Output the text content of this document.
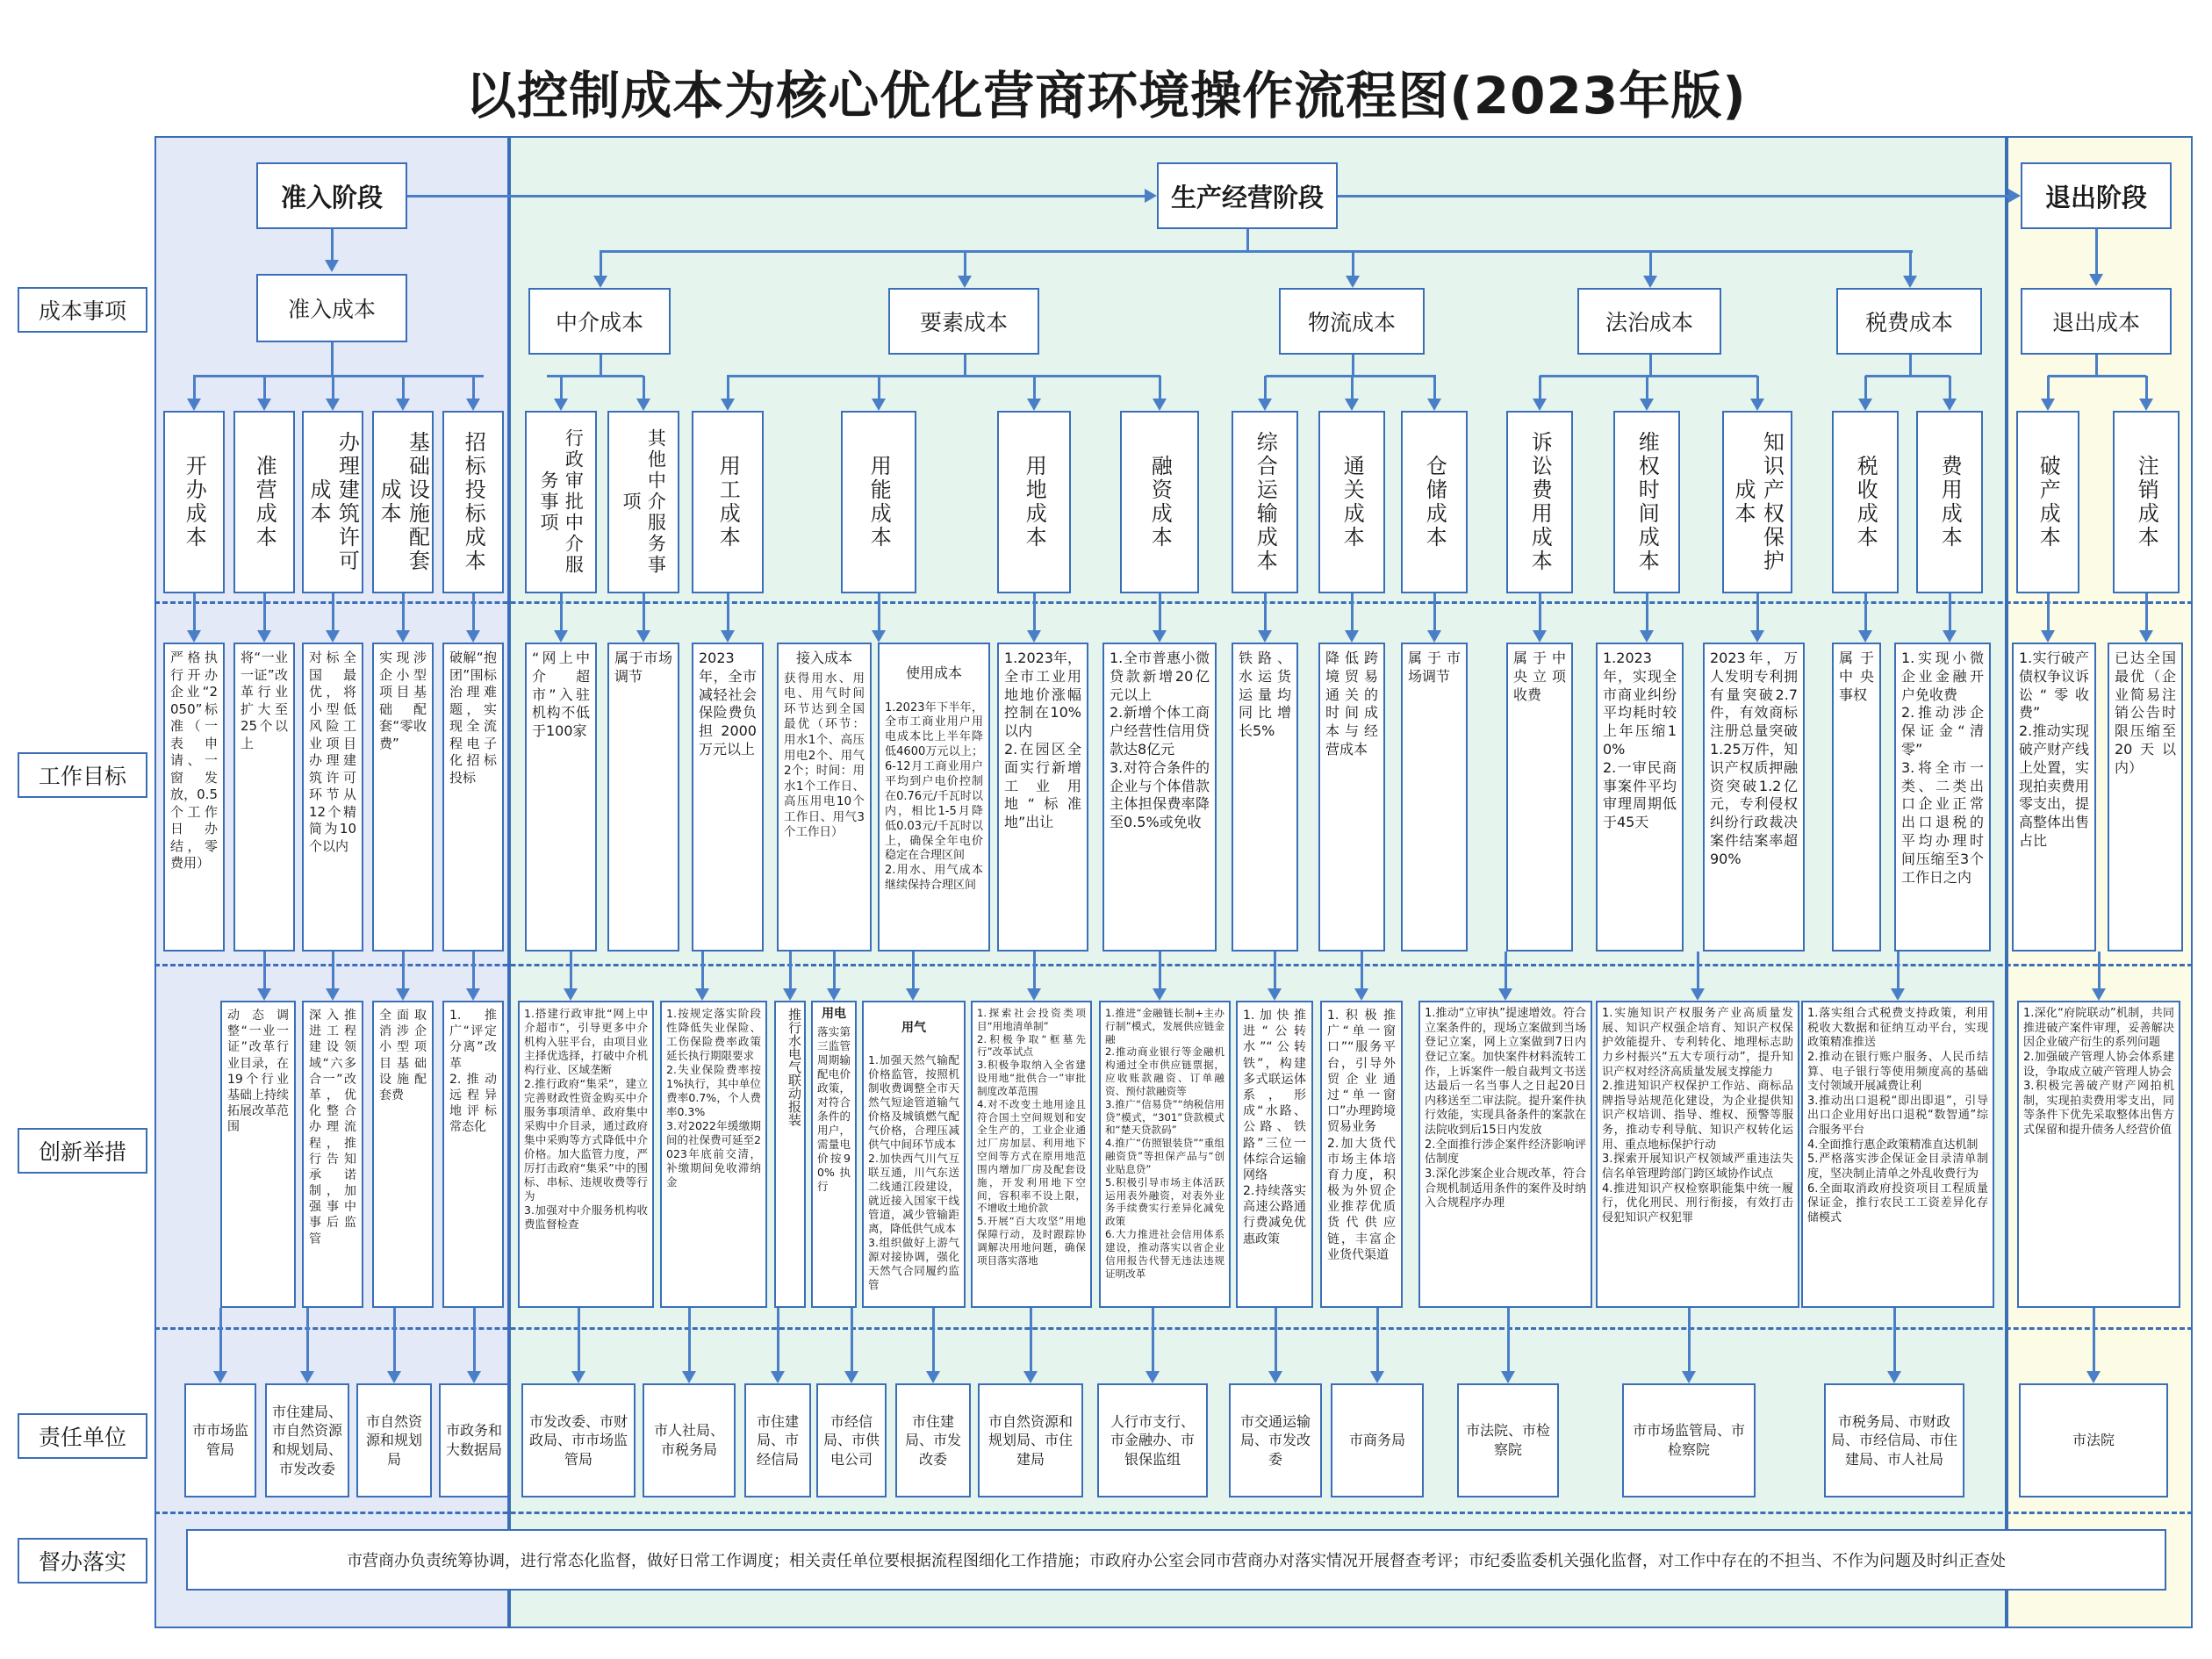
以控制成本为核心优化营商环境操作流程图(2023年版)
成本事项
工作目标
创新举措
责任单位
督办落实
准入阶段	生产经营阶段	退出阶段
准入成本
中介成本	要素成本	物流成本	法治成本	税费成本	退出成本
开办成本	准营成本	办理建筑许可成本	基础设施配套成本	招标投标成本	行政审批中介服务事项	其他中介服务事项	用工成本	用能成本	用地成本	融资成本	综合运输成本	通关成本	仓储成本	诉讼费用成本	维权时间成本	知识产权保护成本	税收成本	费用成本	破产成本	注销成本
严格执行开办企业“2050”标准（一表申请、一窗发放，0.5个工作日办结，零费用）
将“一业一证”改革行业扩大至25个以上
对标全国最优，将小型低风险工业项目办理建筑许可环节从12个精简为10个以内
实现涉企小型项目基础配套“零收费”
破解“抱团”围标治理难题，实现全流程电子化招标投标
“网上中介超市”入驻机构不低于100家
属于市场调节
2023年，全市减轻社会保险费负担2000万元以上
接入成本
获得用水、用电、用气时间环节达到全国最优（环节：用水1个、高压用电2个、用气2个；时间：用水1个工作日、高压用电10个工作日、用气3个工作日）

使用成本

1.2023年下半年，全市工商业用户用电成本比上半年降低4600万元以上；6-12月工商业用户平均到户电价控制在0.76元/千瓦时以内，相比1-5月降低0.03元/千瓦时以上，确保全年电价稳定在合理区间
2.用水、用气成本继续保持合理区间

1.2023年，全市工业用地地价涨幅控制在10%以内
2.在园区全面实行新增工业用地“标准地”出让
1.全市普惠小微贷款新增20亿元以上
2.新增个体工商户经营性信用贷款达8亿元
3.对符合条件的企业与个体借款主体担保费率降至0.5%或免收
铁路、水运货运量均同比增长5%
降低跨境贸易通关的时间成本与经营成本
属于市场调节
属于中央立项收费
1.2023年，实现全市商业纠纷平均耗时较上年压缩10%
2.一审民商事案件平均审理周期低于45天
2023年，万人发明专利拥有量突破2.7件，有效商标注册总量突破1.25万件，知识产权质押融资突破1.2亿元，专利侵权纠纷行政裁决案件结案率超90%
属于中央事权
1.实现小微企业金融开户免收费
2.推动涉企保证金“清零”
3.将全市一类、二类出口企业正常出口退税的平均办理时间压缩至3个工作日之内
1.实行破产债权争议诉讼“零收费”
2.推动实现破产财产线上处置，实现拍卖费用零支出，提高整体出售占比
已达全国最优（企业简易注销公告时限压缩至20天以内）
动态调整“一业一证”改革行业目录，在19个行业基础上持续拓展改革范围
深入推进工程建设领域“六多合一”改革，优化整合办理流程，推行告知承诺制，加强事中事后监管
全面取消涉企小型项目基础设施配套费
1.推广“评定分离”改革
2.推动远程异地评标常态化
1.搭建行政审批“网上中介超市”，引导更多中介机构入驻平台，由项目业主择优选择，打破中介机构行业、区域垄断
2.推行政府“集采”，建立完善财政性资金购买中介服务事项清单、政府集中采购中介目录，通过政府集中采购等方式降低中介价格。加大监管力度，严厉打击政府“集采”中的围标、串标、违规收费等行为
3.加强对中介服务机构收费监督检查
1.按规定落实阶段性降低失业保险、工伤保险费率政策延长执行期限要求
2.失业保险费率按1%执行，其中单位费率0.7%，个人费率0.3%
3.对2022年缓缴期间的社保费可延至2023年底前交清，补缴期间免收滞纳金
推行水电气联动报装	用电
落实第三监管周期输配电价政策，对符合条件的用户，需量电价按90%执行

用气

1.加强天然气输配价格监管，按照机制收费调整全市天然气短途管道输气价格及城镇燃气配气价格，合理压减供气中间环节成本
2.加快西气川气互联互通，川气东送二线通江段建设，就近接入国家干线管道，减少管输距离，降低供气成本
3.组织做好上游气源对接协调，强化天然气合同履约监管

1.探索社会投资类项目“用地清单制”
2.积极争取“框墓先行”改革试点
3.积极争取纳入全省建设用地“批供合一”审批制度改革范围
4.对不改变土地用途且符合国土空间规划和安全生产的，工业企业通过厂房加层、利用地下空间等方式在原用地范围内增加厂房及配套设施，开发利用地下空间，容积率不设上限，不增收土地价款
5.开展“百大攻坚”用地保障行动，及时跟踪协调解决用地问题，确保项目落实落地
1.推进“金融链长制+主办行制”模式，发展供应链金融
2.推动商业银行等金融机构通过全市供应链票据，应收账款融资、订单融资、预付款融资等
3.推广“信易贷”“纳税信用贷”模式，“301”贷款模式和“楚天贷款码”
4.推广“仿照银装贷”“重组融资贷”等担保产品与“创业贴息贷”
5.积极引导市场主体活跃运用表外融资，对表外业务手续费实行差异化减免政策
6.大力推进社会信用体系建设，推动落实以省企业信用报告代替无违法违规证明改革
1.加快推进“公转水”“公转铁”，构建多式联运体系，形成“水路、公路、铁路”三位一体综合运输网络
2.持续落实高速公路通行费减免优惠政策
1.积极推广“单一窗口”“服务平台，引导外贸企业通过“单一窗口”办理跨境贸易业务
2.加大货代市场主体培育力度，积极为外贸企业推荐优质货代供应链，丰富企业货代渠道
1.推动“立审执”提速增效。符合立案条件的，现场立案做到当场登记立案，网上立案做到7日内登记立案。加快案件材料流转工作，上诉案件一般自裁判文书送达最后一名当事人之日起20日内移送至二审法院。提升案件执行效能，实现具备条件的案款在法院收到后15日内发放
2.全面推行涉企案件经济影响评估制度
3.深化涉案企业合规改革，符合合规机制适用条件的案件及时纳入合规程序办理
1.实施知识产权服务产业高质量发展、知识产权强企培育、知识产权保护效能提升、专利转化、地理标志助力乡村振兴“五大专项行动”，提升知识产权对经济高质量发展支撑能力
2.推进知识产权保护工作站、商标品牌指导站规范化建设，为企业提供知识产权培训、指导、维权、预警等服务，推动专利导航、知识产权转化运用、重点地标保护行动
3.探索开展知识产权领域严重违法失信名单管理跨部门跨区域协作试点
4.推进知识产权检察职能集中统一履行，优化刑民、刑行衔接，有效打击侵犯知识产权犯罪
1.落实组合式税费支持政策，利用税收大数据和征纳互动平台，实现政策精准推送
2.推动在银行账户服务、人民币结算、电子银行等使用频度高的基础支付领域开展减费让利
3.推动出口退税“即出即退”，引导出口企业用好出口退税“数智通”综合服务平台
4.全面推行惠企政策精准直达机制
5.严格落实涉企保证金目录清单制度，坚决制止清单之外乱收费行为
6.全面取消政府投资项目工程质量保证金，推行农民工工资差异化存储模式
1.深化“府院联动”机制，共同推进破产案件审理，妥善解决因企业破产衍生的系列问题
2.加强破产管理人协会体系建设，争取成立破产管理人协会
3.积极完善破产财产网拍机制，实现拍卖费用零支出，同等条件下优先采取整体出售方式保留和提升债务人经营价值
市市场监管局
市住建局、市自然资源和规划局、市发改委
市自然资源和规划局
市政务和大数据局
市发改委、市财政局、市市场监管局
市人社局、市税务局
市住建局、市经信局
市经信局、市供电公司
市住建局、市发改委
市自然资源和规划局、市住建局
人行市支行、市金融办、市银保监组
市交通运输局、市发改委
市商务局
市法院、市检察院
市市场监管局、市检察院
市税务局、市财政局、市经信局、市住建局、市人社局
市法院
市营商办负责统筹协调，进行常态化监督，做好日常工作调度；相关责任单位要根据流程图细化工作措施；市政府办公室会同市营商办对落实情况开展督查考评；市纪委监委机关强化监督，对工作中存在的不担当、不作为问题及时纠正查处
